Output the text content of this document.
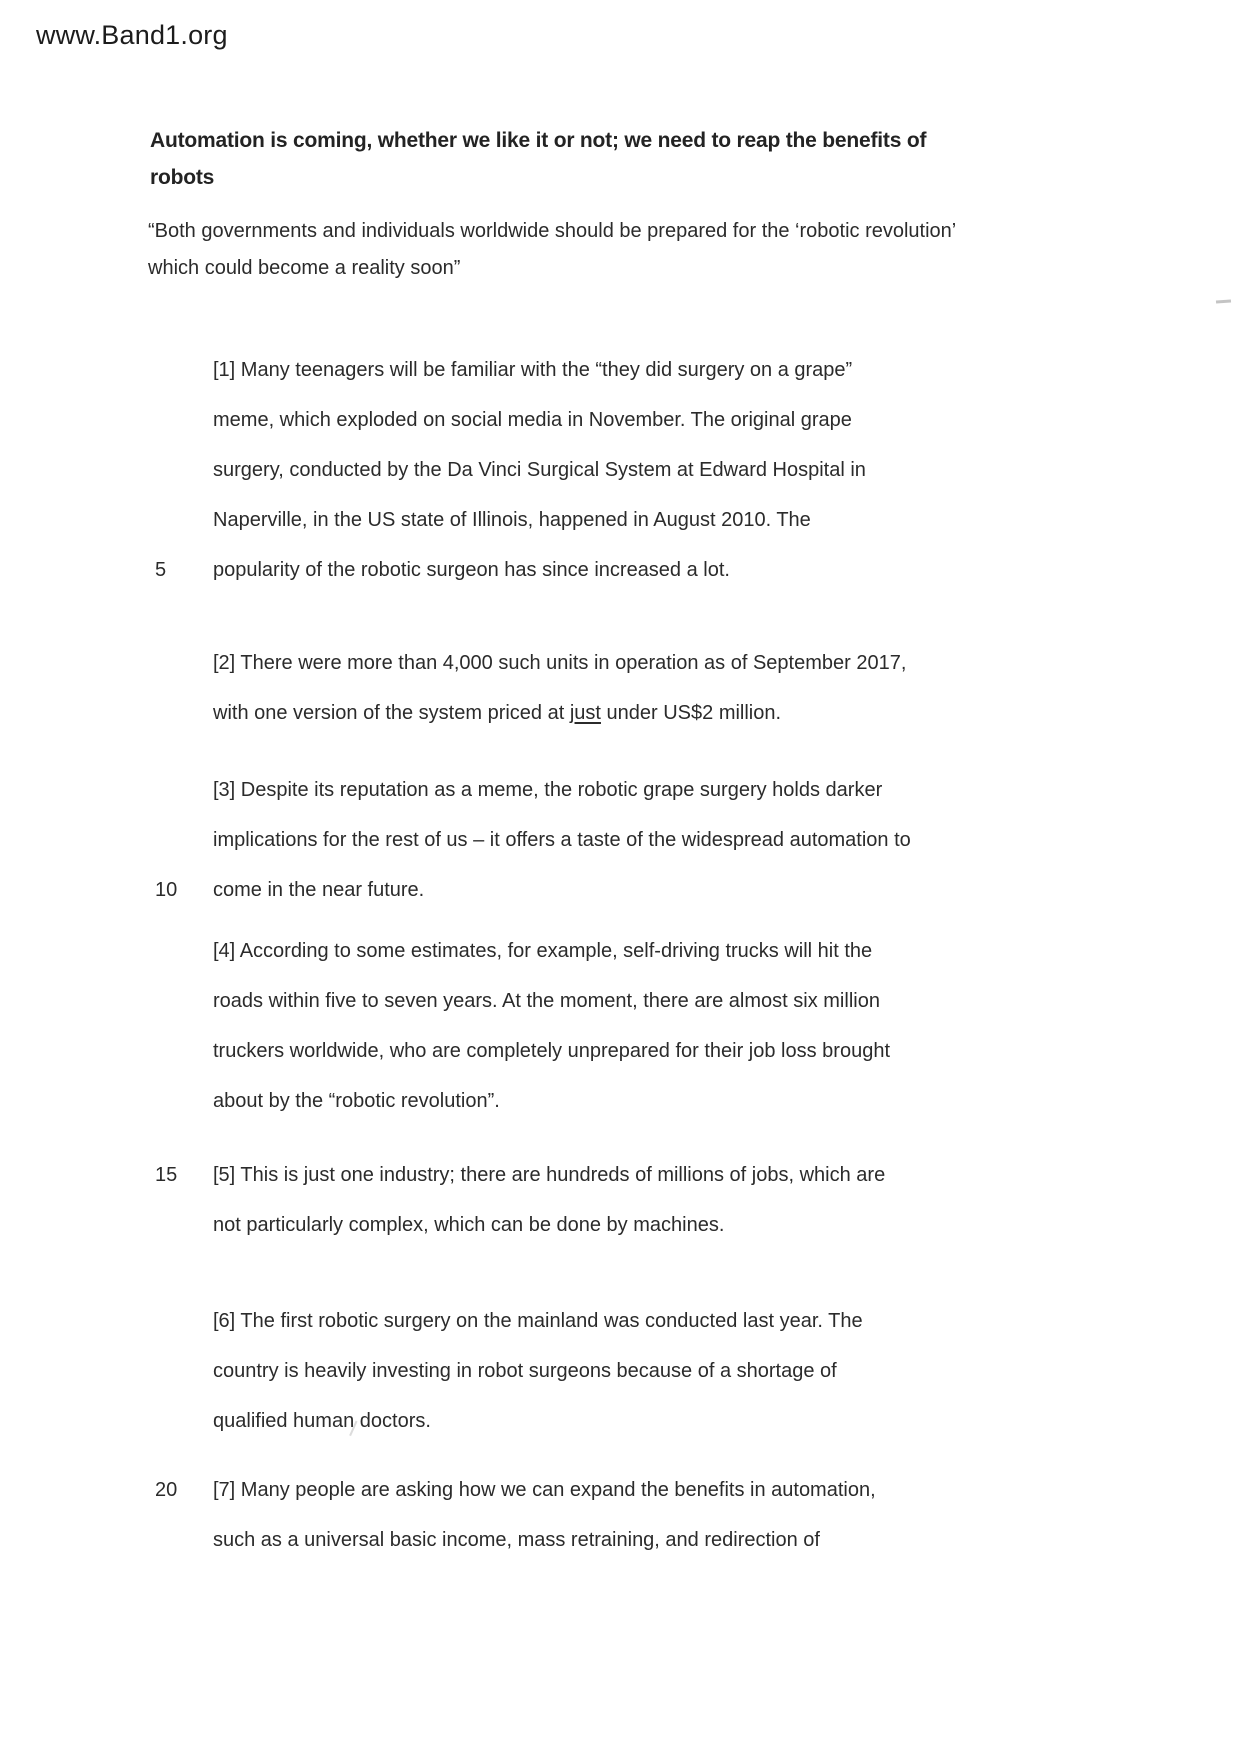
www.Band1.org
Automation is coming, whether we like it or not; we need to reap the benefits of
robots
“Both governments and individuals worldwide should be prepared for the ‘robotic revolution’
which could become a reality soon”
5
10
15
20
[1] Many teenagers will be familiar with the “they did surgery on a grape”
meme, which exploded on social media in November. The original grape
surgery, conducted by the Da Vinci Surgical System at Edward Hospital in
Naperville, in the US state of Illinois, happened in August 2010. The
popularity of the robotic surgeon has since increased a lot.
[2] There were more than 4,000 such units in operation as of September 2017,
with one version of the system priced at just under US$2 million.
[3] Despite its reputation as a meme, the robotic grape surgery holds darker
implications for the rest of us – it offers a taste of the widespread automation to
come in the near future.
[4] According to some estimates, for example, self-driving trucks will hit the
roads within five to seven years. At the moment, there are almost six million
truckers worldwide, who are completely unprepared for their job loss brought
about by the “robotic revolution”.
[5] This is just one industry; there are hundreds of millions of jobs, which are
not particularly complex, which can be done by machines.
[6] The first robotic surgery on the mainland was conducted last year. The
country is heavily investing in robot surgeons because of a shortage of
qualified human doctors.
[7] Many people are asking how we can expand the benefits in automation,
such as a universal basic income, mass retraining, and redirection of
